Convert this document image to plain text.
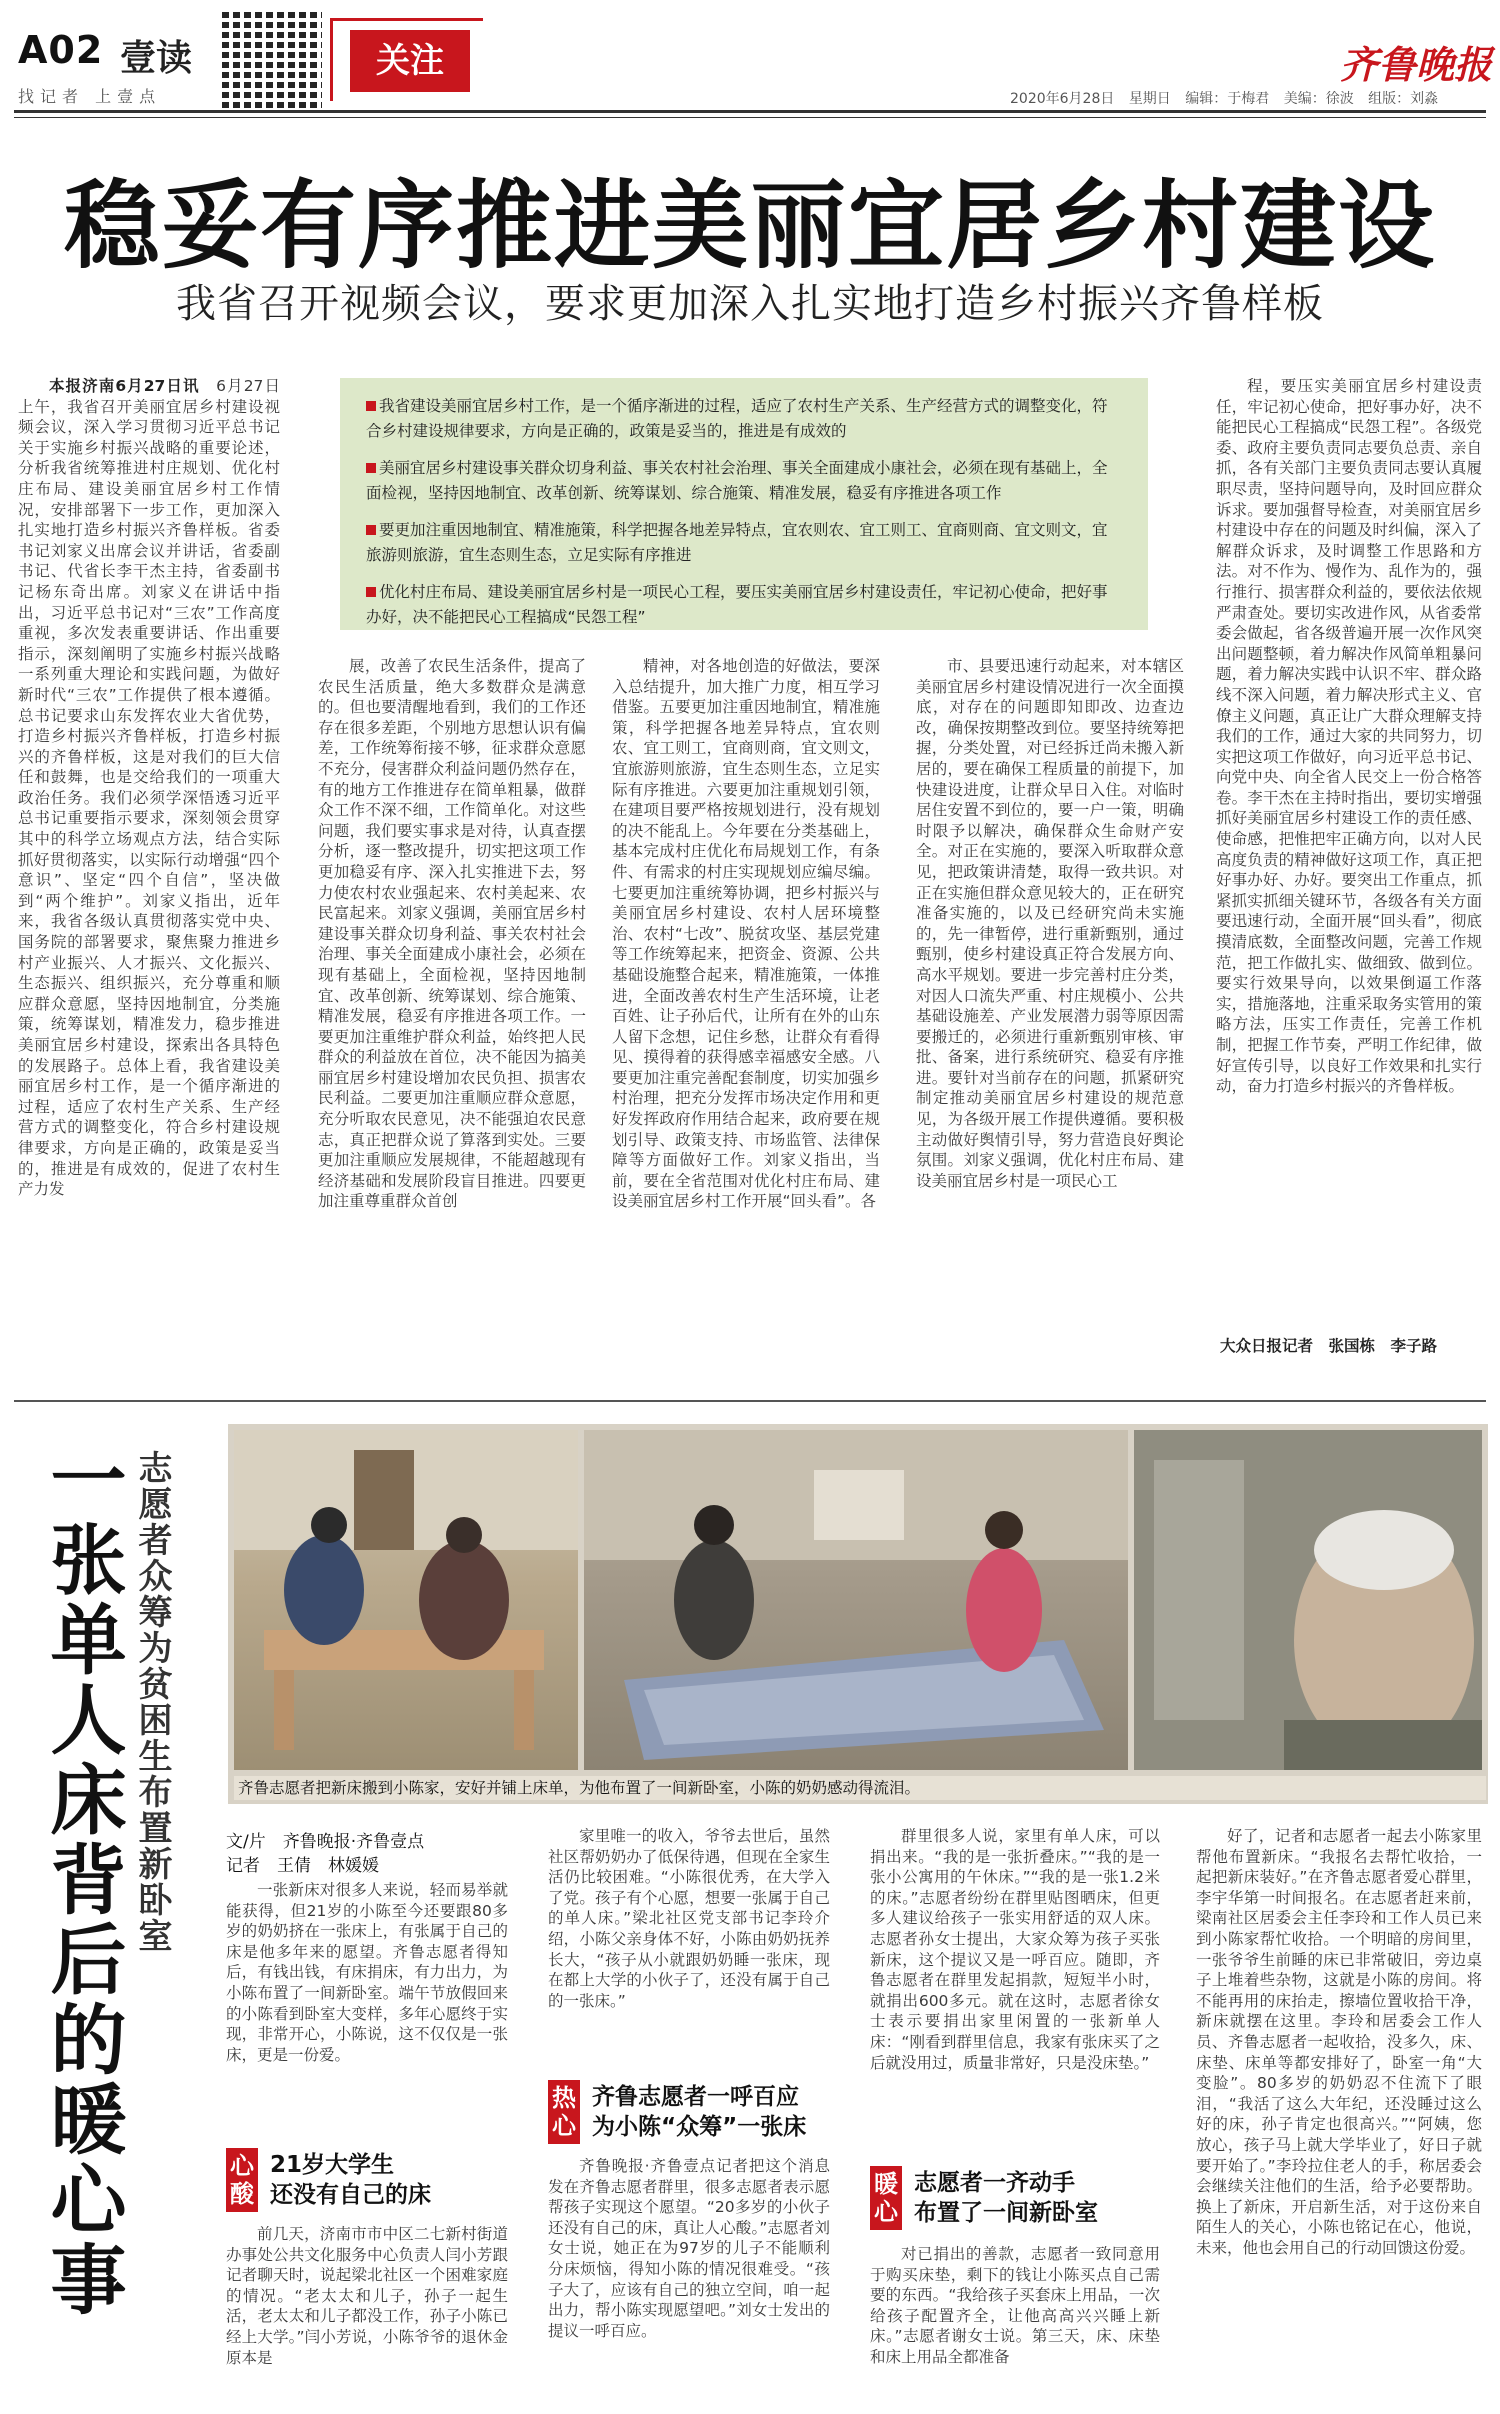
A02 壹读
找记者 上壹点
关注	齐鲁晚报
2020年6月28日 星期日 编辑：于梅君 美编：徐波 组版：刘淼
稳妥有序推进美丽宜居乡村建设
我省召开视频会议，要求更加深入扎实地打造乡村振兴齐鲁样板

本报济南6月27日讯　 6月27日上午，我省召开美丽宜居乡村建设视频会议，深入学习贯彻习近平总书记关于实施乡村振兴战略的重要论述，分析我省统筹推进村庄规划、优化村庄布局、建设美丽宜居乡村工作情况，安排部署下一步工作，更加深入扎实地打造乡村振兴齐鲁样板。省委书记刘家义出席会议并讲话，省委副书记、代省长李干杰主持，省委副书记杨东奇出席。刘家义在讲话中指出，习近平总书记对“三农”工作高度重视，多次发表重要讲话、作出重要指示，深刻阐明了实施乡村振兴战略一系列重大理论和实践问题，为做好新时代“三农”工作提供了根本遵循。总书记要求山东发挥农业大省优势，打造乡村振兴齐鲁样板，打造乡村振兴的齐鲁样板，这是对我们的巨大信任和鼓舞，也是交给我们的一项重大政治任务。我们必须学深悟透习近平总书记重要指示要求，深刻领会贯穿其中的科学立场观点方法，结合实际抓好贯彻落实，以实际行动增强“四个意识”、坚定“四个自信”，坚决做到“两个维护”。刘家义指出，近年来，我省各级认真贯彻落实党中央、国务院的部署要求，聚焦聚力推进乡村产业振兴、人才振兴、文化振兴、生态振兴、组织振兴，充分尊重和顺应群众意愿，坚持因地制宜，分类施策，统筹谋划，精准发力，稳步推进美丽宜居乡村建设，探索出各具特色的发展路子。总体上看，我省建设美丽宜居乡村工作，是一个循序渐进的过程，适应了农村生产关系、生产经营方式的调整变化，符合乡村建设规律要求，方向是正确的，政策是妥当的，推进是有成效的，促进了农村生产力发

我省建设美丽宜居乡村工作，是一个循序渐进的过程，适应了农村生产关系、生产经营方式的调整变化，符合乡村建设规律要求，方向是正确的，政策是妥当的，推进是有成效的

美丽宜居乡村建设事关群众切身利益、事关农村社会治理、事关全面建成小康社会，必须在现有基础上，全面检视，坚持因地制宜、改革创新、统筹谋划、综合施策、精准发展，稳妥有序推进各项工作

要更加注重因地制宜、精准施策，科学把握各地差异特点，宜农则农、宜工则工、宜商则商、宜文则文，宜旅游则旅游，宜生态则生态，立足实际有序推进

优化村庄布局、建设美丽宜居乡村是一项民心工程，要压实美丽宜居乡村建设责任，牢记初心使命，把好事办好，决不能把民心工程搞成“民怨工程”

展，改善了农民生活条件，提高了农民生活质量，绝大多数群众是满意的。但也要清醒地看到，我们的工作还存在很多差距，个别地方思想认识有偏差，工作统筹衔接不够，征求群众意愿不充分，侵害群众利益问题仍然存在，有的地方工作推进存在简单粗暴，做群众工作不深不细，工作简单化。对这些问题，我们要实事求是对待，认真查摆分析，逐一整改提升，切实把这项工作更加稳妥有序、深入扎实推进下去，努力使农村农业强起来、农村美起来、农民富起来。刘家义强调，美丽宜居乡村建设事关群众切身利益、事关农村社会治理、事关全面建成小康社会，必须在现有基础上，全面检视，坚持因地制宜、改革创新、统筹谋划、综合施策、精准发展，稳妥有序推进各项工作。一要更加注重维护群众利益，始终把人民群众的利益放在首位，决不能因为搞美丽宜居乡村建设增加农民负担、损害农民利益。二要更加注重顺应群众意愿，充分听取农民意见，决不能强迫农民意志，真正把群众说了算落到实处。三要更加注重顺应发展规律，不能超越现有经济基础和发展阶段盲目推进。四要更加注重尊重群众首创

精神，对各地创造的好做法，要深入总结提升，加大推广力度，相互学习借鉴。五要更加注重因地制宜，精准施策，科学把握各地差异特点，宜农则农、宜工则工，宜商则商，宜文则文，宜旅游则旅游，宜生态则生态，立足实际有序推进。六要更加注重规划引领，在建项目要严格按规划进行，没有规划的决不能乱上。今年要在分类基础上，基本完成村庄优化布局规划工作，有条件、有需求的村庄实现规划应编尽编。七要更加注重统筹协调，把乡村振兴与美丽宜居乡村建设、农村人居环境整治、农村“七改”、脱贫攻坚、基层党建等工作统筹起来，把资金、资源、公共基础设施整合起来，精准施策，一体推进，全面改善农村生产生活环境，让老百姓、让子孙后代，让所有在外的山东人留下念想，记住乡愁，让群众有看得见、摸得着的获得感幸福感安全感。八要更加注重完善配套制度，切实加强乡村治理，把充分发挥市场决定作用和更好发挥政府作用结合起来，政府要在规划引导、政策支持、市场监管、法律保障等方面做好工作。刘家义指出，当前，要在全省范围对优化村庄布局、建设美丽宜居乡村工作开展“回头看”。各

市、县要迅速行动起来，对本辖区美丽宜居乡村建设情况进行一次全面摸底，对存在的问题即知即改、边查边改，确保按期整改到位。要坚持统筹把握，分类处置，对已经拆迁尚未搬入新居的，要在确保工程质量的前提下，加快建设进度，让群众早日入住。对临时居住安置不到位的，要一户一策，明确时限予以解决，确保群众生命财产安全。对正在实施的，要深入听取群众意见，把政策讲清楚，取得一致共识。对正在实施但群众意见较大的，正在研究准备实施的，以及已经研究尚未实施的，先一律暂停，进行重新甄别，通过甄别，使乡村建设真正符合发展方向、高水平规划。要进一步完善村庄分类，对因人口流失严重、村庄规模小、公共基础设施差、产业发展潜力弱等原因需要搬迁的，必须进行重新甄别审核、审批、备案，进行系统研究、稳妥有序推进。要针对当前存在的问题，抓紧研究制定推动美丽宜居乡村建设的规范意见，为各级开展工作提供遵循。要积极主动做好舆情引导，努力营造良好舆论氛围。刘家义强调，优化村庄布局、建设美丽宜居乡村是一项民心工

程，要压实美丽宜居乡村建设责任，牢记初心使命，把好事办好，决不能把民心工程搞成“民怨工程”。各级党委、政府主要负责同志要负总责、亲自抓，各有关部门主要负责同志要认真履职尽责，坚持问题导向，及时回应群众诉求。要加强督导检查，对美丽宜居乡村建设中存在的问题及时纠偏，深入了解群众诉求，及时调整工作思路和方法。对不作为、慢作为、乱作为的，强行推行、损害群众利益的，要依法依规严肃查处。要切实改进作风，从省委常委会做起，省各级普遍开展一次作风突出问题整顿，着力解决作风简单粗暴问题，着力解决实践中认识不牢、群众路线不深入问题，着力解决形式主义、官僚主义问题，真正让广大群众理解支持我们的工作，通过大家的共同努力，切实把这项工作做好，向习近平总书记、向党中央、向全省人民交上一份合格答卷。李干杰在主持时指出，要切实增强抓好美丽宜居乡村建设工作的责任感、使命感，把惟把牢正确方向，以对人民高度负责的精神做好这项工作，真正把好事办好、办好。要突出工作重点，抓紧抓实抓细关键环节，各级各有关方面要迅速行动，全面开展“回头看”，彻底摸清底数，全面整改问题，完善工作规范，把工作做扎实、做细致、做到位。要实行效果导向，以效果倒逼工作落实，措施落地，注重采取务实管用的策略方法，压实工作责任，完善工作机制，把握工作节奏，严明工作纪律，做好宣传引导，以良好工作效果和扎实行动，奋力打造乡村振兴的齐鲁样板。

大众日报记者　张国栋　李子路
一张单人床背后的暖心事 志愿者众筹为贫困生布置新卧室	齐鲁志愿者把新床搬到小陈家，安好并铺上床单，为他布置了一间新卧室，小陈的奶奶感动得流泪。
文/片　齐鲁晚报·齐鲁壹点
记者　王倩　林媛媛

一张新床对很多人来说，轻而易举就能获得，但21岁的小陈至今还要跟80多岁的奶奶挤在一张床上，有张属于自己的床是他多年来的愿望。齐鲁志愿者得知后，有钱出钱，有床捐床，有力出力，为小陈布置了一间新卧室。端午节放假回来的小陈看到卧室大变样，多年心愿终于实现，非常开心，小陈说，这不仅仅是一张床，更是一份爱。

心酸
21岁大学生
还没有自己的床

前几天，济南市市中区二七新村街道办事处公共文化服务中心负责人闫小芳跟记者聊天时，说起梁北社区一个困难家庭的情况。“老太太和儿子，孙子一起生活，老太太和儿子都没工作，孙子小陈已经上大学。”闫小芳说，小陈爷爷的退休金原本是

家里唯一的收入，爷爷去世后，虽然社区帮奶奶办了低保待遇，但现在全家生活仍比较困难。“小陈很优秀，在大学入了党。孩子有个心愿，想要一张属于自己的单人床。”梁北社区党支部书记李玲介绍，小陈父亲身体不好，小陈由奶奶抚养长大，“孩子从小就跟奶奶睡一张床，现在都上大学的小伙子了，还没有属于自己的一张床。”

热心
齐鲁志愿者一呼百应
为小陈“众筹”一张床

齐鲁晚报·齐鲁壹点记者把这个消息发在齐鲁志愿者群里，很多志愿者表示愿帮孩子实现这个愿望。“20多岁的小伙子还没有自己的床，真让人心酸。”志愿者刘女士说，她正在为97岁的儿子不能顺利分床烦恼，得知小陈的情况很难受。“孩子大了，应该有自己的独立空间，咱一起出力，帮小陈实现愿望吧。”刘女士发出的提议一呼百应。

群里很多人说，家里有单人床，可以捐出来。“我的是一张折叠床。”“我的是一张小公寓用的午休床。”“我的是一张1.2米的床。”志愿者纷纷在群里贴图晒床，但更多人建议给孩子一张实用舒适的双人床。志愿者孙女士提出，大家众筹为孩子买张新床，这个提议又是一呼百应。随即，齐鲁志愿者在群里发起捐款，短短半小时，就捐出600多元。就在这时，志愿者徐女士表示要捐出家里闲置的一张新单人床：“刚看到群里信息，我家有张床买了之后就没用过，质量非常好，只是没床垫。”

暖心
志愿者一齐动手
布置了一间新卧室

对已捐出的善款，志愿者一致同意用于购买床垫，剩下的钱让小陈买点自己需要的东西。“我给孩子买套床上用品，一次给孩子配置齐全，让他高高兴兴睡上新床。”志愿者谢女士说。第三天，床、床垫和床上用品全都准备

好了，记者和志愿者一起去小陈家里帮他布置新床。“我报名去帮忙收拾，一起把新床装好。”在齐鲁志愿者爱心群里，李宇华第一时间报名。在志愿者赶来前，梁南社区居委会主任李玲和工作人员已来到小陈家帮忙收拾。一个明暗的房间里，一张爷爷生前睡的床已非常破旧，旁边桌子上堆着些杂物，这就是小陈的房间。将不能再用的床抬走，擦墙位置收拾干净，新床就摆在这里。李玲和居委会工作人员、齐鲁志愿者一起收拾，没多久，床、床垫、床单等都安排好了，卧室一角“大变脸”。80多岁的奶奶忍不住流下了眼泪，“我活了这么大年纪，还没睡过这么好的床，孙子肯定也很高兴。”“阿姨，您放心，孩子马上就大学毕业了，好日子就要开始了。”李玲拉住老人的手，称居委会会继续关注他们的生活，给予必要帮助。换上了新床，开启新生活，对于这份来自陌生人的关心，小陈也铭记在心，他说，未来，他也会用自己的行动回馈这份爱。
